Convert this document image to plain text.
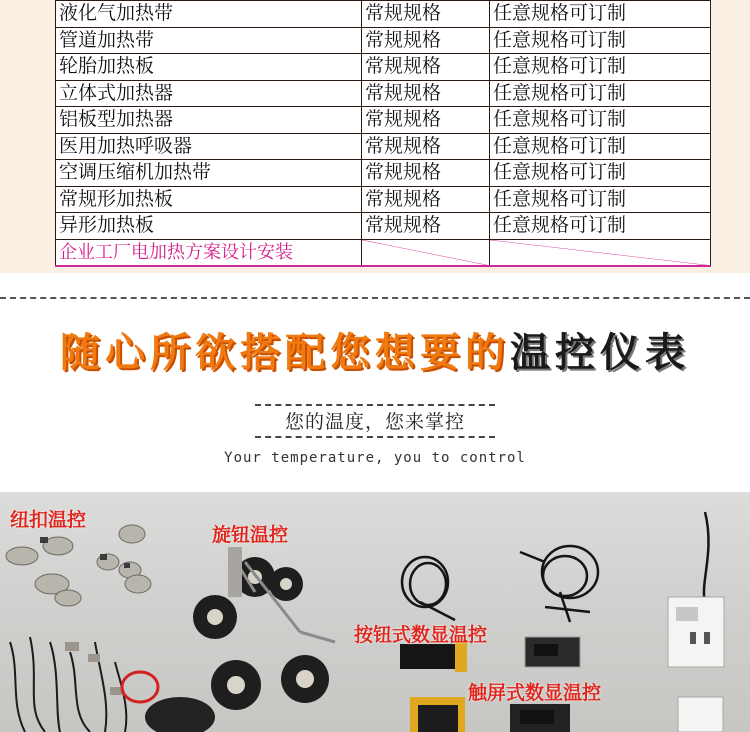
液化气加热带	常规规格	任意规格可订制
管道加热带	常规规格	任意规格可订制
轮胎加热板	常规规格	任意规格可订制
立体式加热器	常规规格	任意规格可订制
铝板型加热器	常规规格	任意规格可订制
医用加热呼吸器	常规规格	任意规格可订制
空调压缩机加热带	常规规格	任意规格可订制
常规形加热板	常规规格	任意规格可订制
异形加热板	常规规格	任意规格可订制
企业工厂电加热方案设计安装	

随心所欲搭配您想要的温控仪表
您的温度，您来掌控
Your temperature, you to control
纽扣温控
旋钮温控
按钮式数显温控
触屏式数显温控
